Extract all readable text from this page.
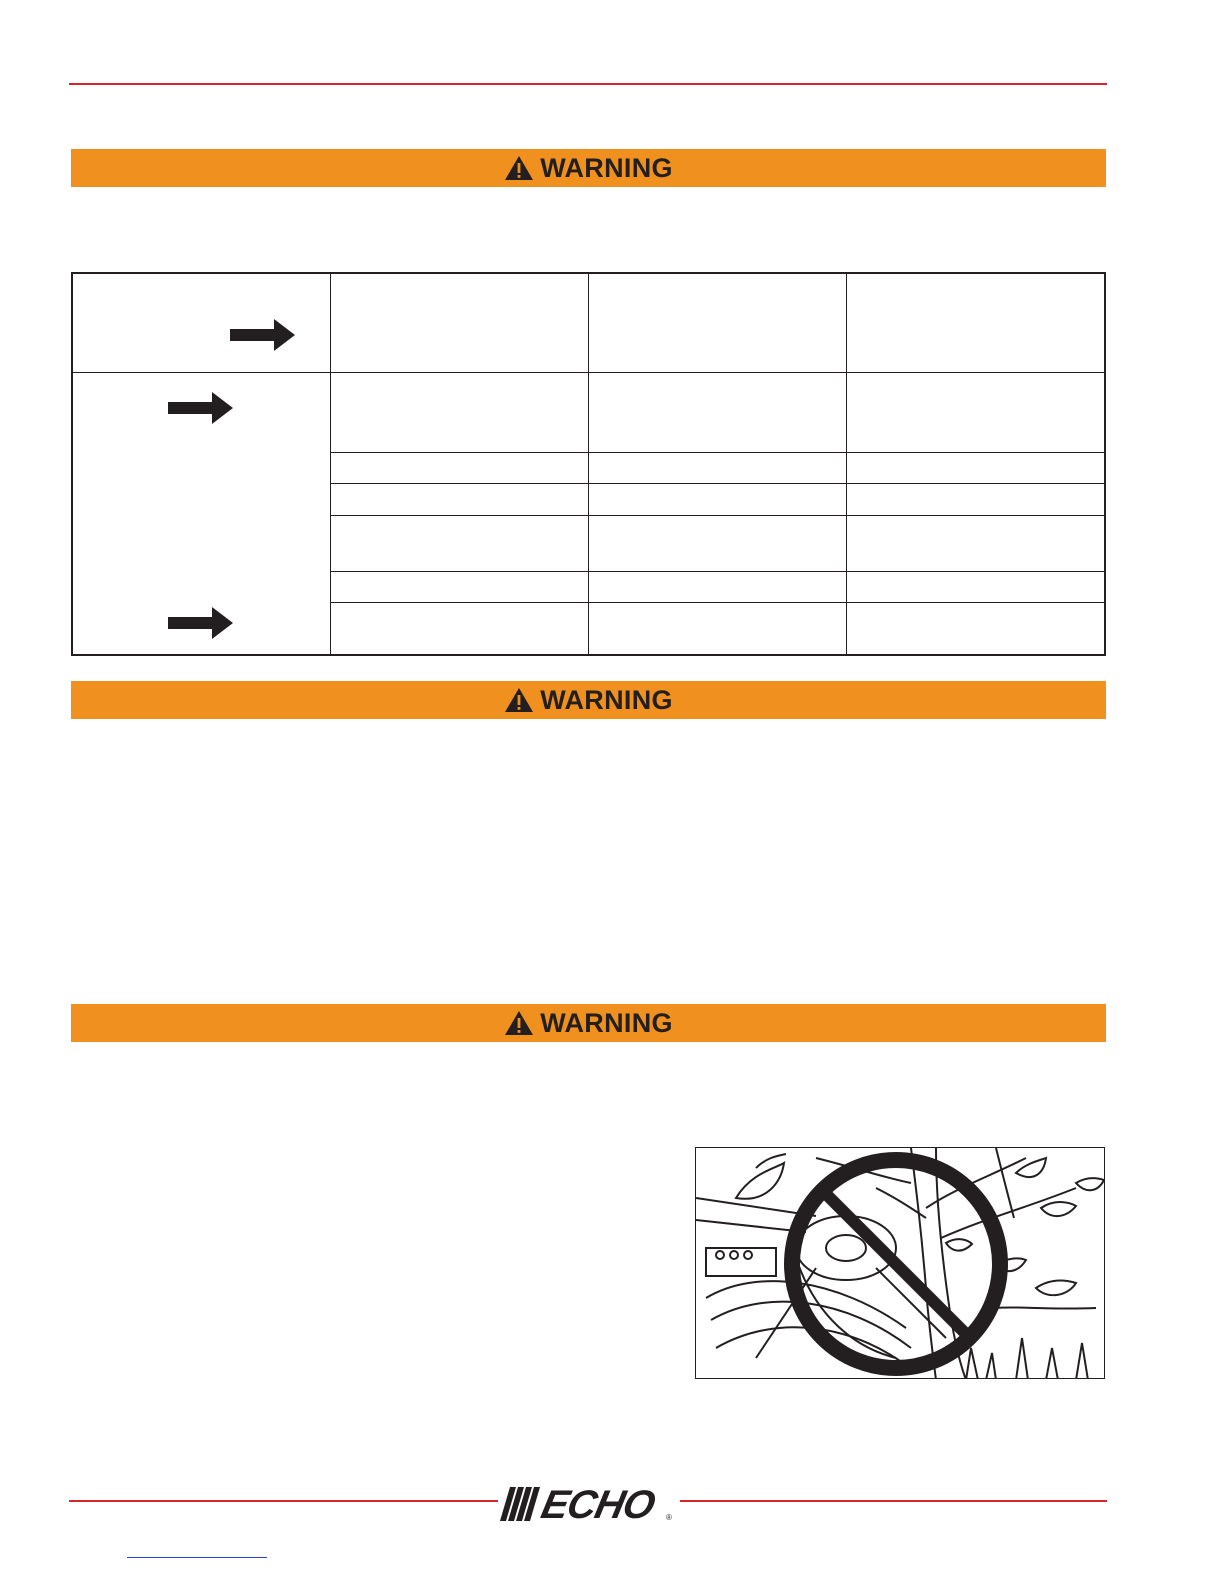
WARNING
WARNING
WARNING
ECHO ®
